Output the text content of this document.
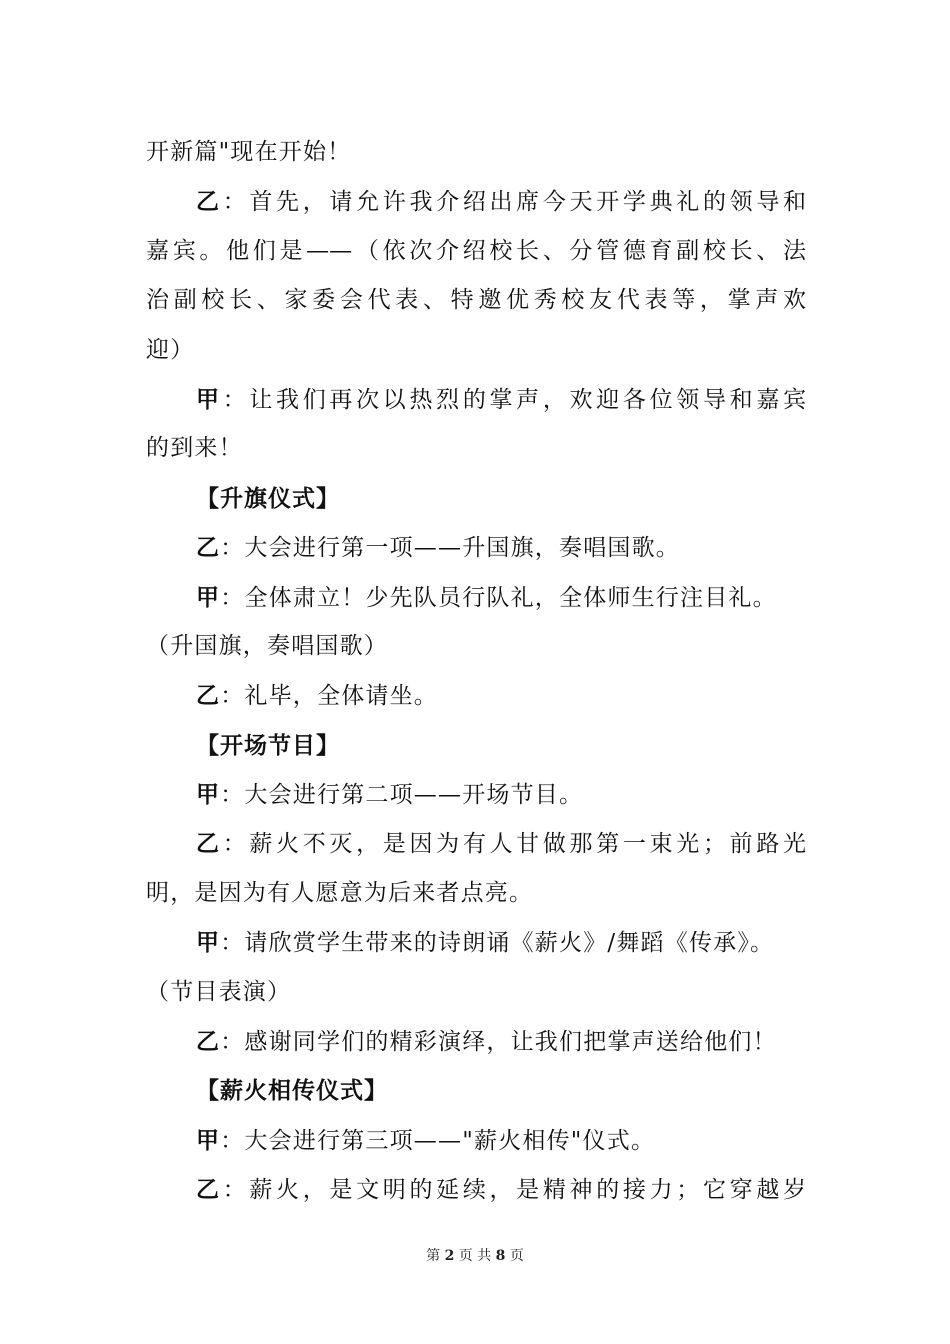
开新篇"现在开始！
乙：首先，请允许我介绍出席今天开学典礼的领导和
嘉宾。他们是——（依次介绍校长、分管德育副校长、法
治副校长、家委会代表、特邀优秀校友代表等，掌声欢
迎）
甲：让我们再次以热烈的掌声，欢迎各位领导和嘉宾
的到来！
【升旗仪式】
乙：大会进行第一项——升国旗，奏唱国歌。
甲：全体肃立！少先队员行队礼，全体师生行注目礼。
（升国旗，奏唱国歌）
乙：礼毕，全体请坐。
【开场节目】
甲：大会进行第二项——开场节目。
乙：薪火不灭，是因为有人甘做那第一束光；前路光
明，是因为有人愿意为后来者点亮。
甲：请欣赏学生带来的诗朗诵《薪火》/舞蹈《传承》。
（节目表演）
乙：感谢同学们的精彩演绎，让我们把掌声送给他们！
【薪火相传仪式】
甲：大会进行第三项——"薪火相传"仪式。
乙：薪火，是文明的延续，是精神的接力；它穿越岁
第 2 页 共 8 页
